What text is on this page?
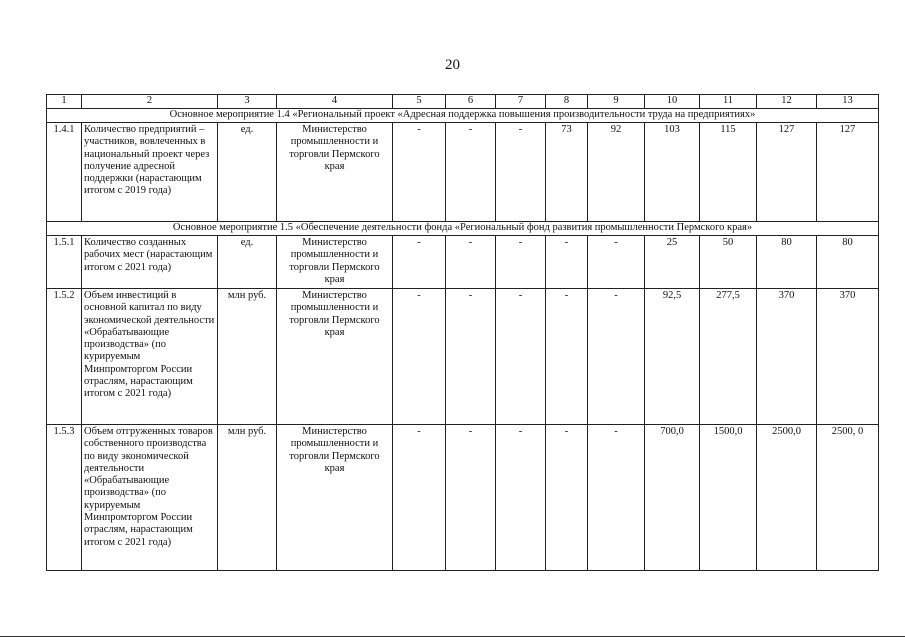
20
1	2	3	4	5	6	7	8	9	10	11	12	13
Основное мероприятие 1.4 «Региональный проект «Адресная поддержка повышения производительности труда на предприятиях»												
1.4.1	Количество предприятий – участников, вовлеченных в национальный проект через получение адресной поддержки (нарастающим итогом с 2019 года)	ед.	Министерство промышленности и торговли Пермского края	-	-	-	73	92	103	115	127	127
Основное мероприятие 1.5 «Обеспечение деятельности фонда «Региональный фонд развития промышленности Пермского края»												
1.5.1	Количество созданных рабочих мест (нарастающим итогом с 2021 года)	ед.	Министерство промышленности и торговли Пермского края	-	-	-	-	-	25	50	80	80
1.5.2	Объем инвестиций в основной капитал по виду экономической деятельности «Обрабатывающие производства» (по курируемым Минпромторгом России отраслям, нарастающим итогом с 2021 года)	млн руб.	Министерство промышленности и торговли Пермского края	-	-	-	-	-	92,5	277,5	370	370
1.5.3	Объем отгруженных товаров собственного производства по виду экономической деятельности «Обрабатывающие производства» (по курируемым Минпромторгом России отраслям, нарастающим итогом с 2021 года)	млн руб.	Министерство промышленности и торговли Пермского края	-	-	-	-	-	700,0	1500,0	2500,0	2500, 0
